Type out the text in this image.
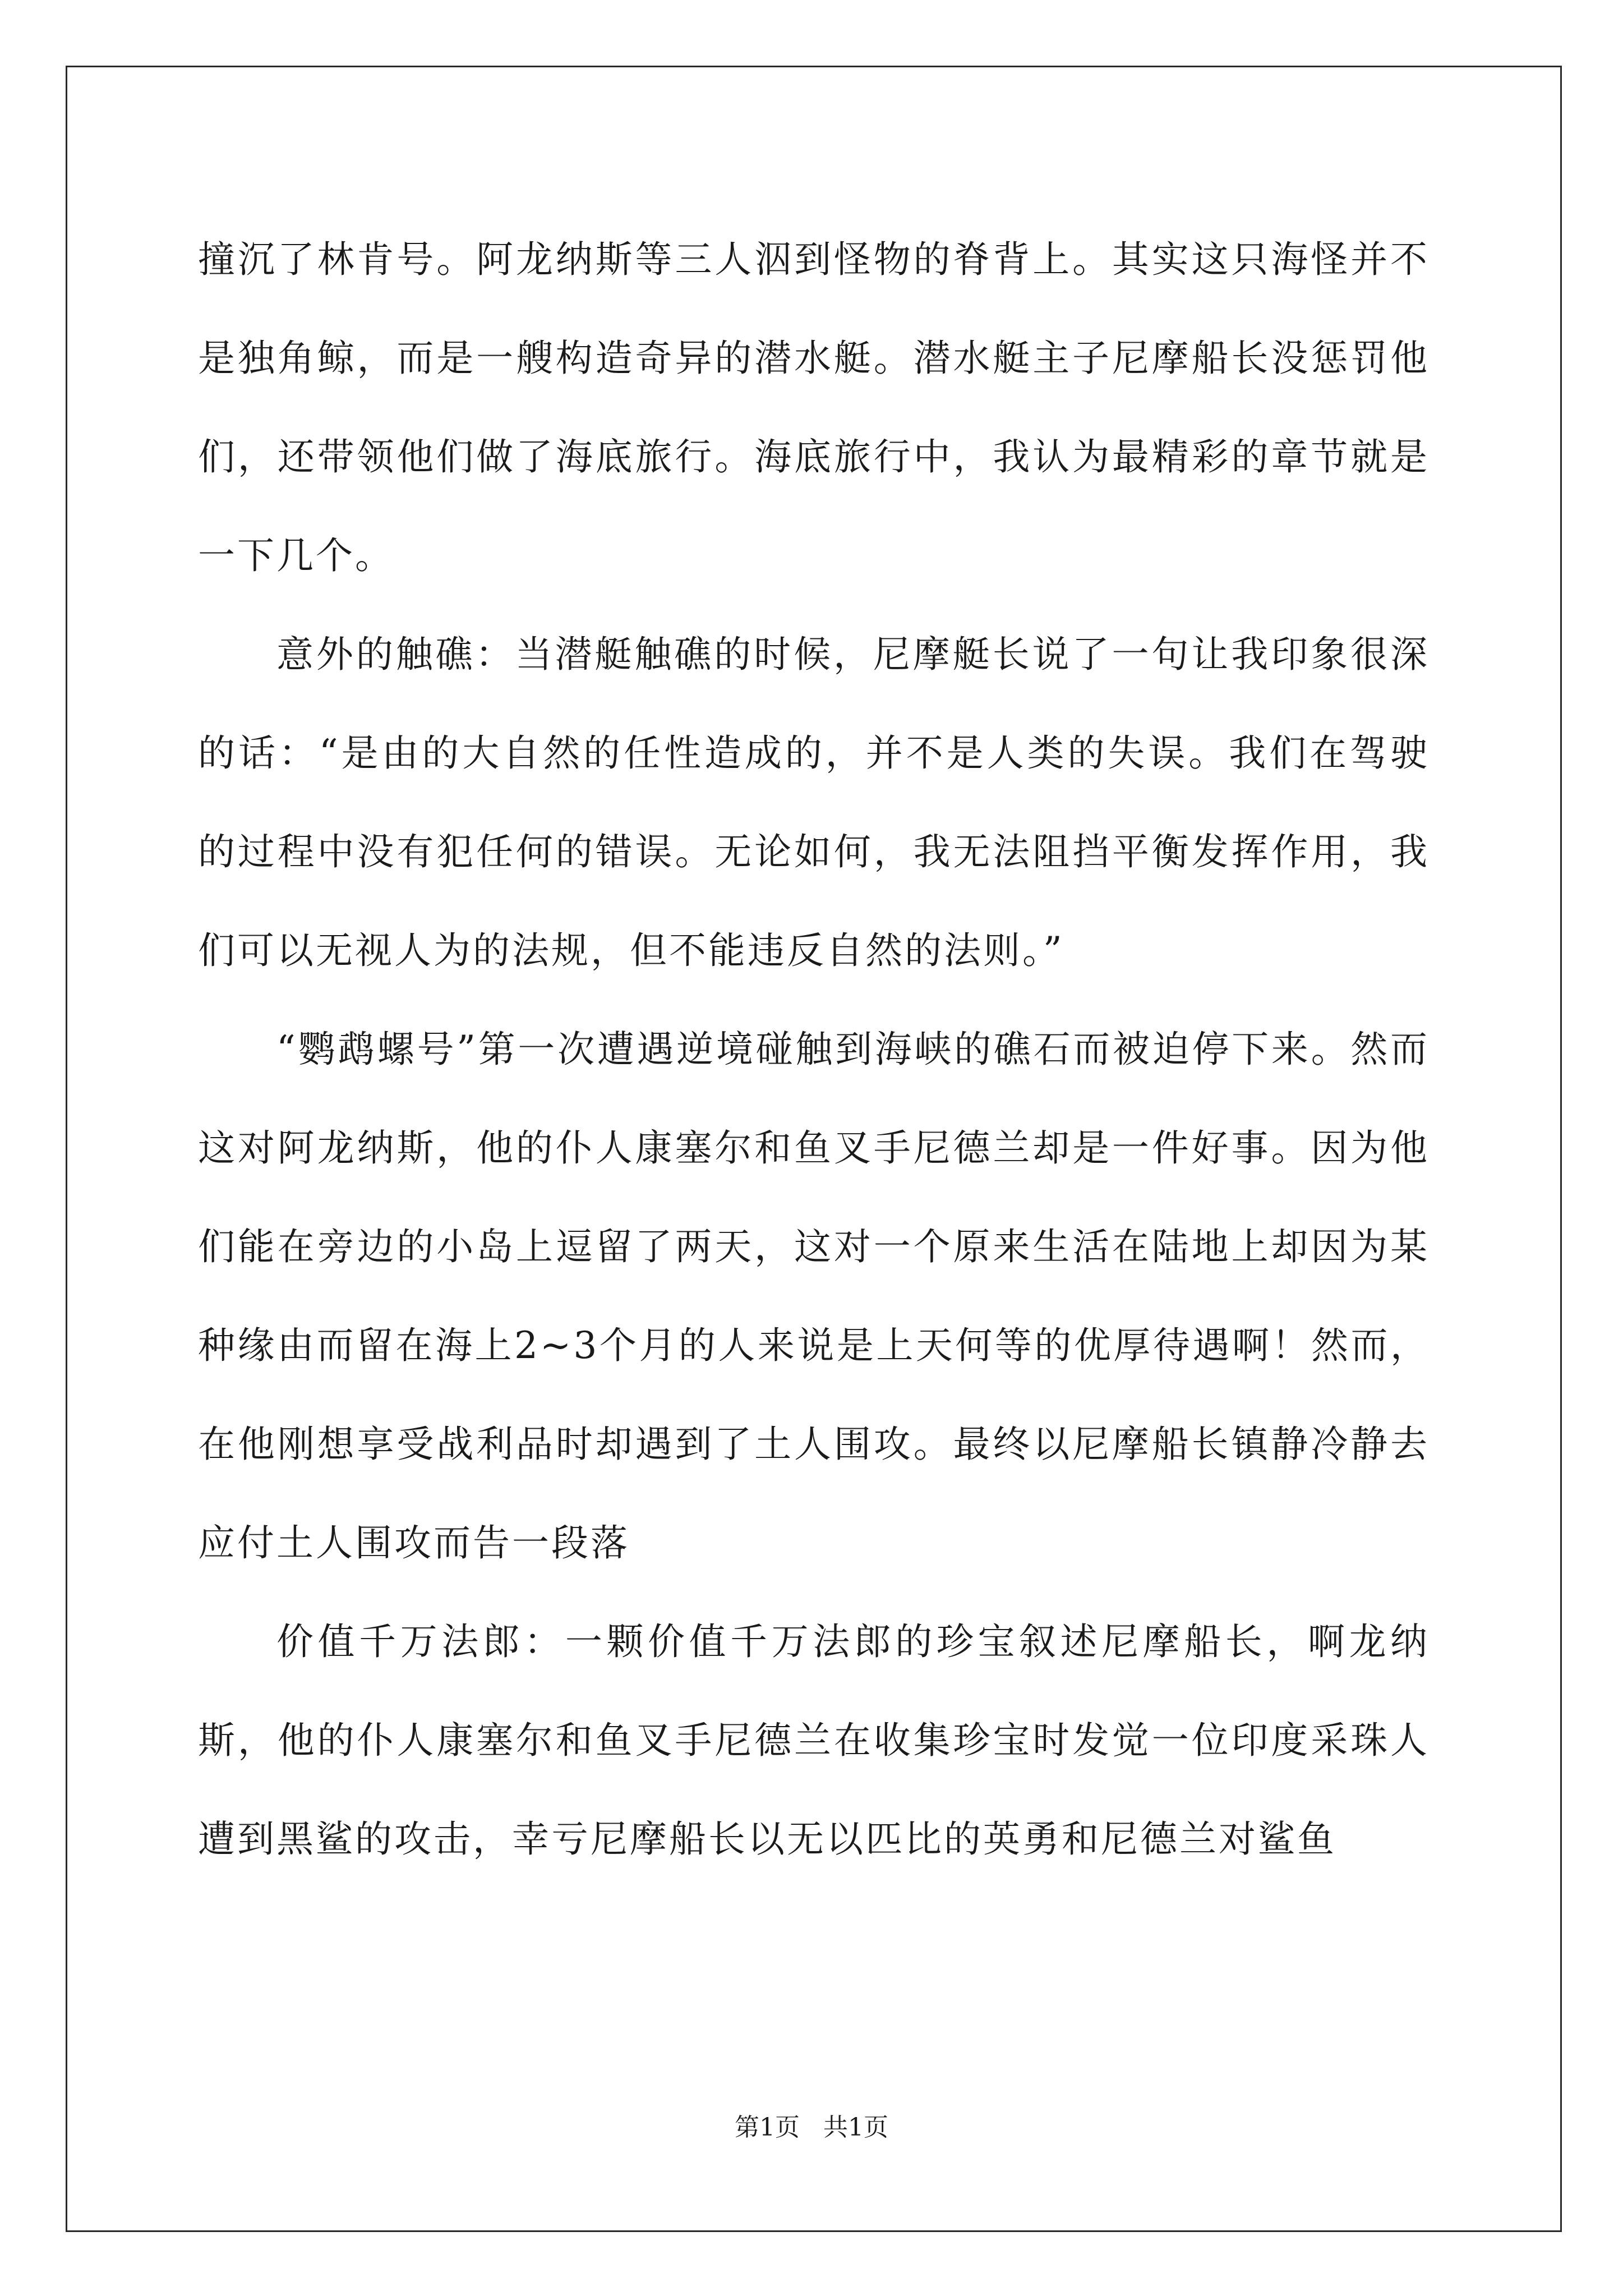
撞沉了林肯号。阿龙纳斯等三人泅到怪物的脊背上。其实这只海怪并不是独角鲸，而是一艘构造奇异的潜水艇。潜水艇主子尼摩船长没惩罚他们，还带领他们做了海底旅行。海底旅行中，我认为最精彩的章节就是一下几个。

意外的触礁：当潜艇触礁的时候，尼摩艇长说了一句让我印象很深的话：“是由的大自然的任性造成的，并不是人类的失误。我们在驾驶的过程中没有犯任何的错误。无论如何，我无法阻挡平衡发挥作用，我们可以无视人为的法规，但不能违反自然的法则。”

“鹦鹉螺号”第一次遭遇逆境碰触到海峡的礁石而被迫停下来。然而这对阿龙纳斯，他的仆人康塞尔和鱼叉手尼德兰却是一件好事。因为他们能在旁边的小岛上逗留了两天，这对一个原来生活在陆地上却因为某种缘由而留在海上2~3个月的人来说是上天何等的优厚待遇啊！然而，在他刚想享受战利品时却遇到了土人围攻。最终以尼摩船长镇静冷静去应付土人围攻而告一段落

价值千万法郎：一颗价值千万法郎的珍宝叙述尼摩船长，啊龙纳斯，他的仆人康塞尔和鱼叉手尼德兰在收集珍宝时发觉一位印度采珠人遭到黑鲨的攻击，幸亏尼摩船长以无以匹比的英勇和尼德兰对鲨鱼

第1页 共1页
